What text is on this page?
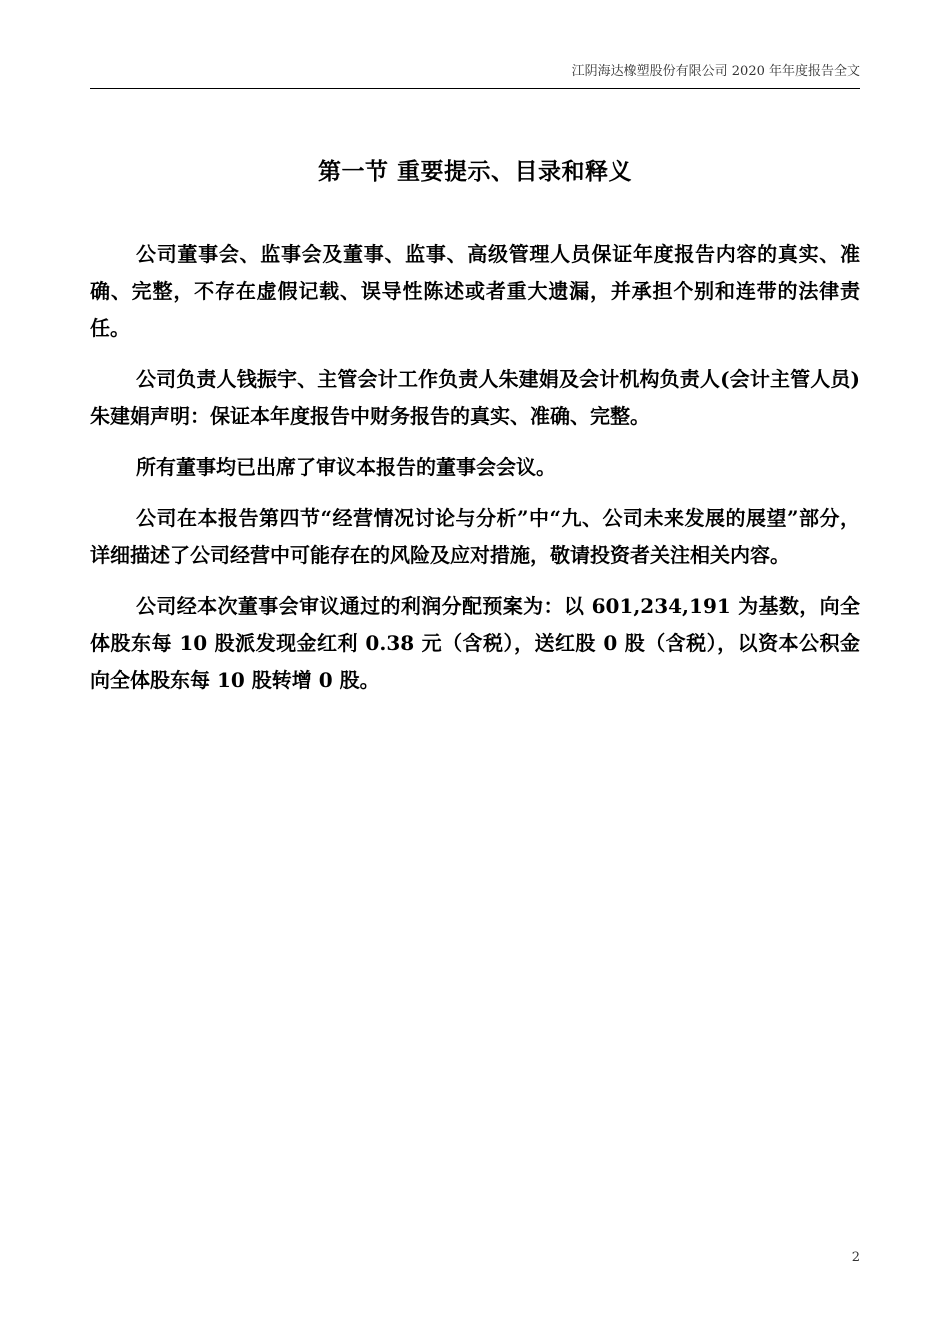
江阴海达橡塑股份有限公司 2020 年年度报告全文
第一节 重要提示、目录和释义

公司董事会、监事会及董事、监事、高级管理人员保证年度报告内容的真实、准确、完整，不存在虚假记载、误导性陈述或者重大遗漏，并承担个别和连带的法律责任。

公司负责人钱振宇、主管会计工作负责人朱建娟及会计机构负责人(会计主管人员)朱建娟声明：保证本年度报告中财务报告的真实、准确、完整。

所有董事均已出席了审议本报告的董事会会议。

公司在本报告第四节“经营情况讨论与分析”中“九、公司未来发展的展望”部分，详细描述了公司经营中可能存在的风险及应对措施，敬请投资者关注相关内容。

公司经本次董事会审议通过的利润分配预案为：以 601,234,191 为基数，向全体股东每 10 股派发现金红利 0.38 元（含税），送红股 0 股（含税），以资本公积金向全体股东每 10 股转增 0 股。

2
